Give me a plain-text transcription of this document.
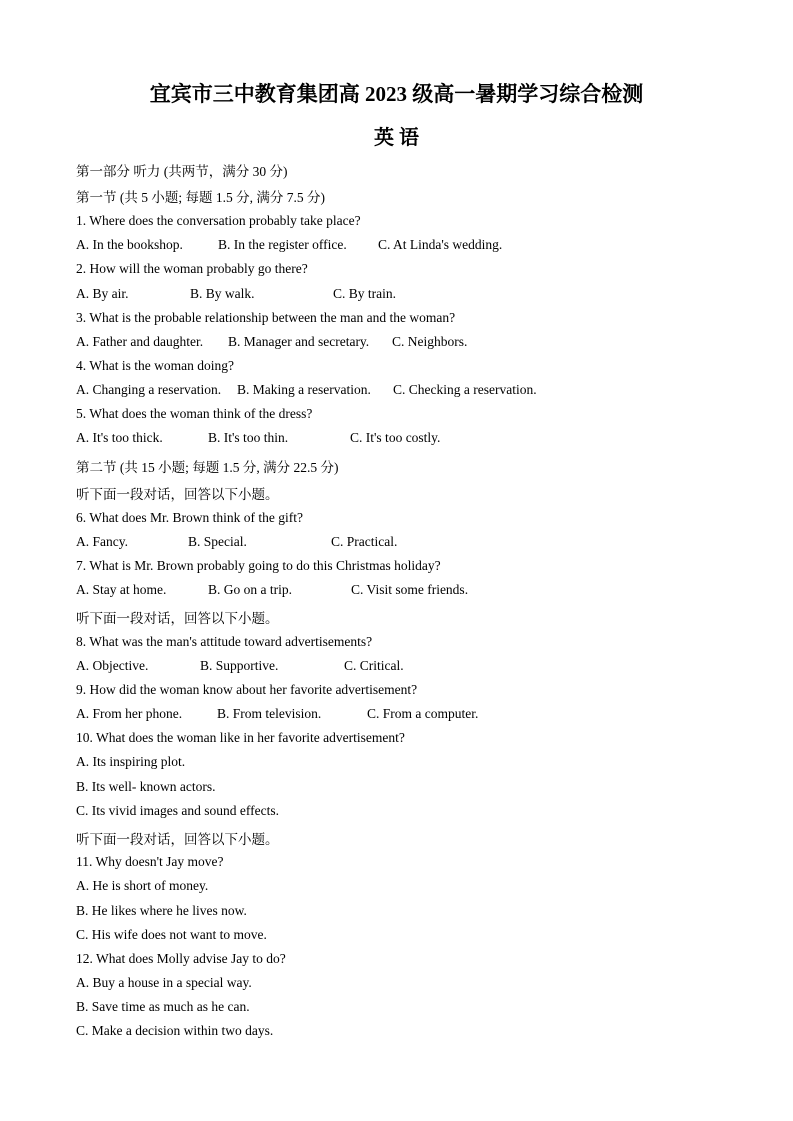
宜宾市三中教育集团高 2023 级高一暑期学习综合检测
英 语
第一部分 听力 (共两节，满分 30 分)
第一节 (共 5 小题; 每题 1.5 分, 满分 7.5 分)
1. Where does the conversation probably take place?
A. In the bookshop.	B. In the register office. C. At Linda's wedding.
2. How will the woman probably go there?
A. By air.	B. By walk.	C. By train.
3. What is the probable relationship between the man and the woman?
A. Father and daughter. B. Manager and secretary. C. Neighbors.
4. What is the woman doing?
A. Changing a reservation. B. Making a reservation. C. Checking a reservation.
5. What does the woman think of the dress?
A. It's too thick.	B. It's too thin.	C. It's too costly.
第二节 (共 15 小题; 每题 1.5 分, 满分 22.5 分)
听下面一段对话，回答以下小题。
6. What does Mr. Brown think of the gift?
A. Fancy.	B. Special.	C. Practical.
7. What is Mr. Brown probably going to do this Christmas holiday?
A. Stay at home.	B. Go on a trip.	C. Visit some friends.
听下面一段对话，回答以下小题。
8. What was the man's attitude toward advertisements?
A. Objective.	B. Supportive.	C. Critical.
9. How did the woman know about her favorite advertisement?
A. From her phone.	B. From television.	C. From a computer.
10. What does the woman like in her favorite advertisement?
A. Its inspiring plot.
B. Its well- known actors.
C. Its vivid images and sound effects.
听下面一段对话，回答以下小题。
11. Why doesn't Jay move?
A. He is short of money.
B. He likes where he lives now.
C. His wife does not want to move.
12. What does Molly advise Jay to do?
A. Buy a house in a special way.
B. Save time as much as he can.
C. Make a decision within two days.
